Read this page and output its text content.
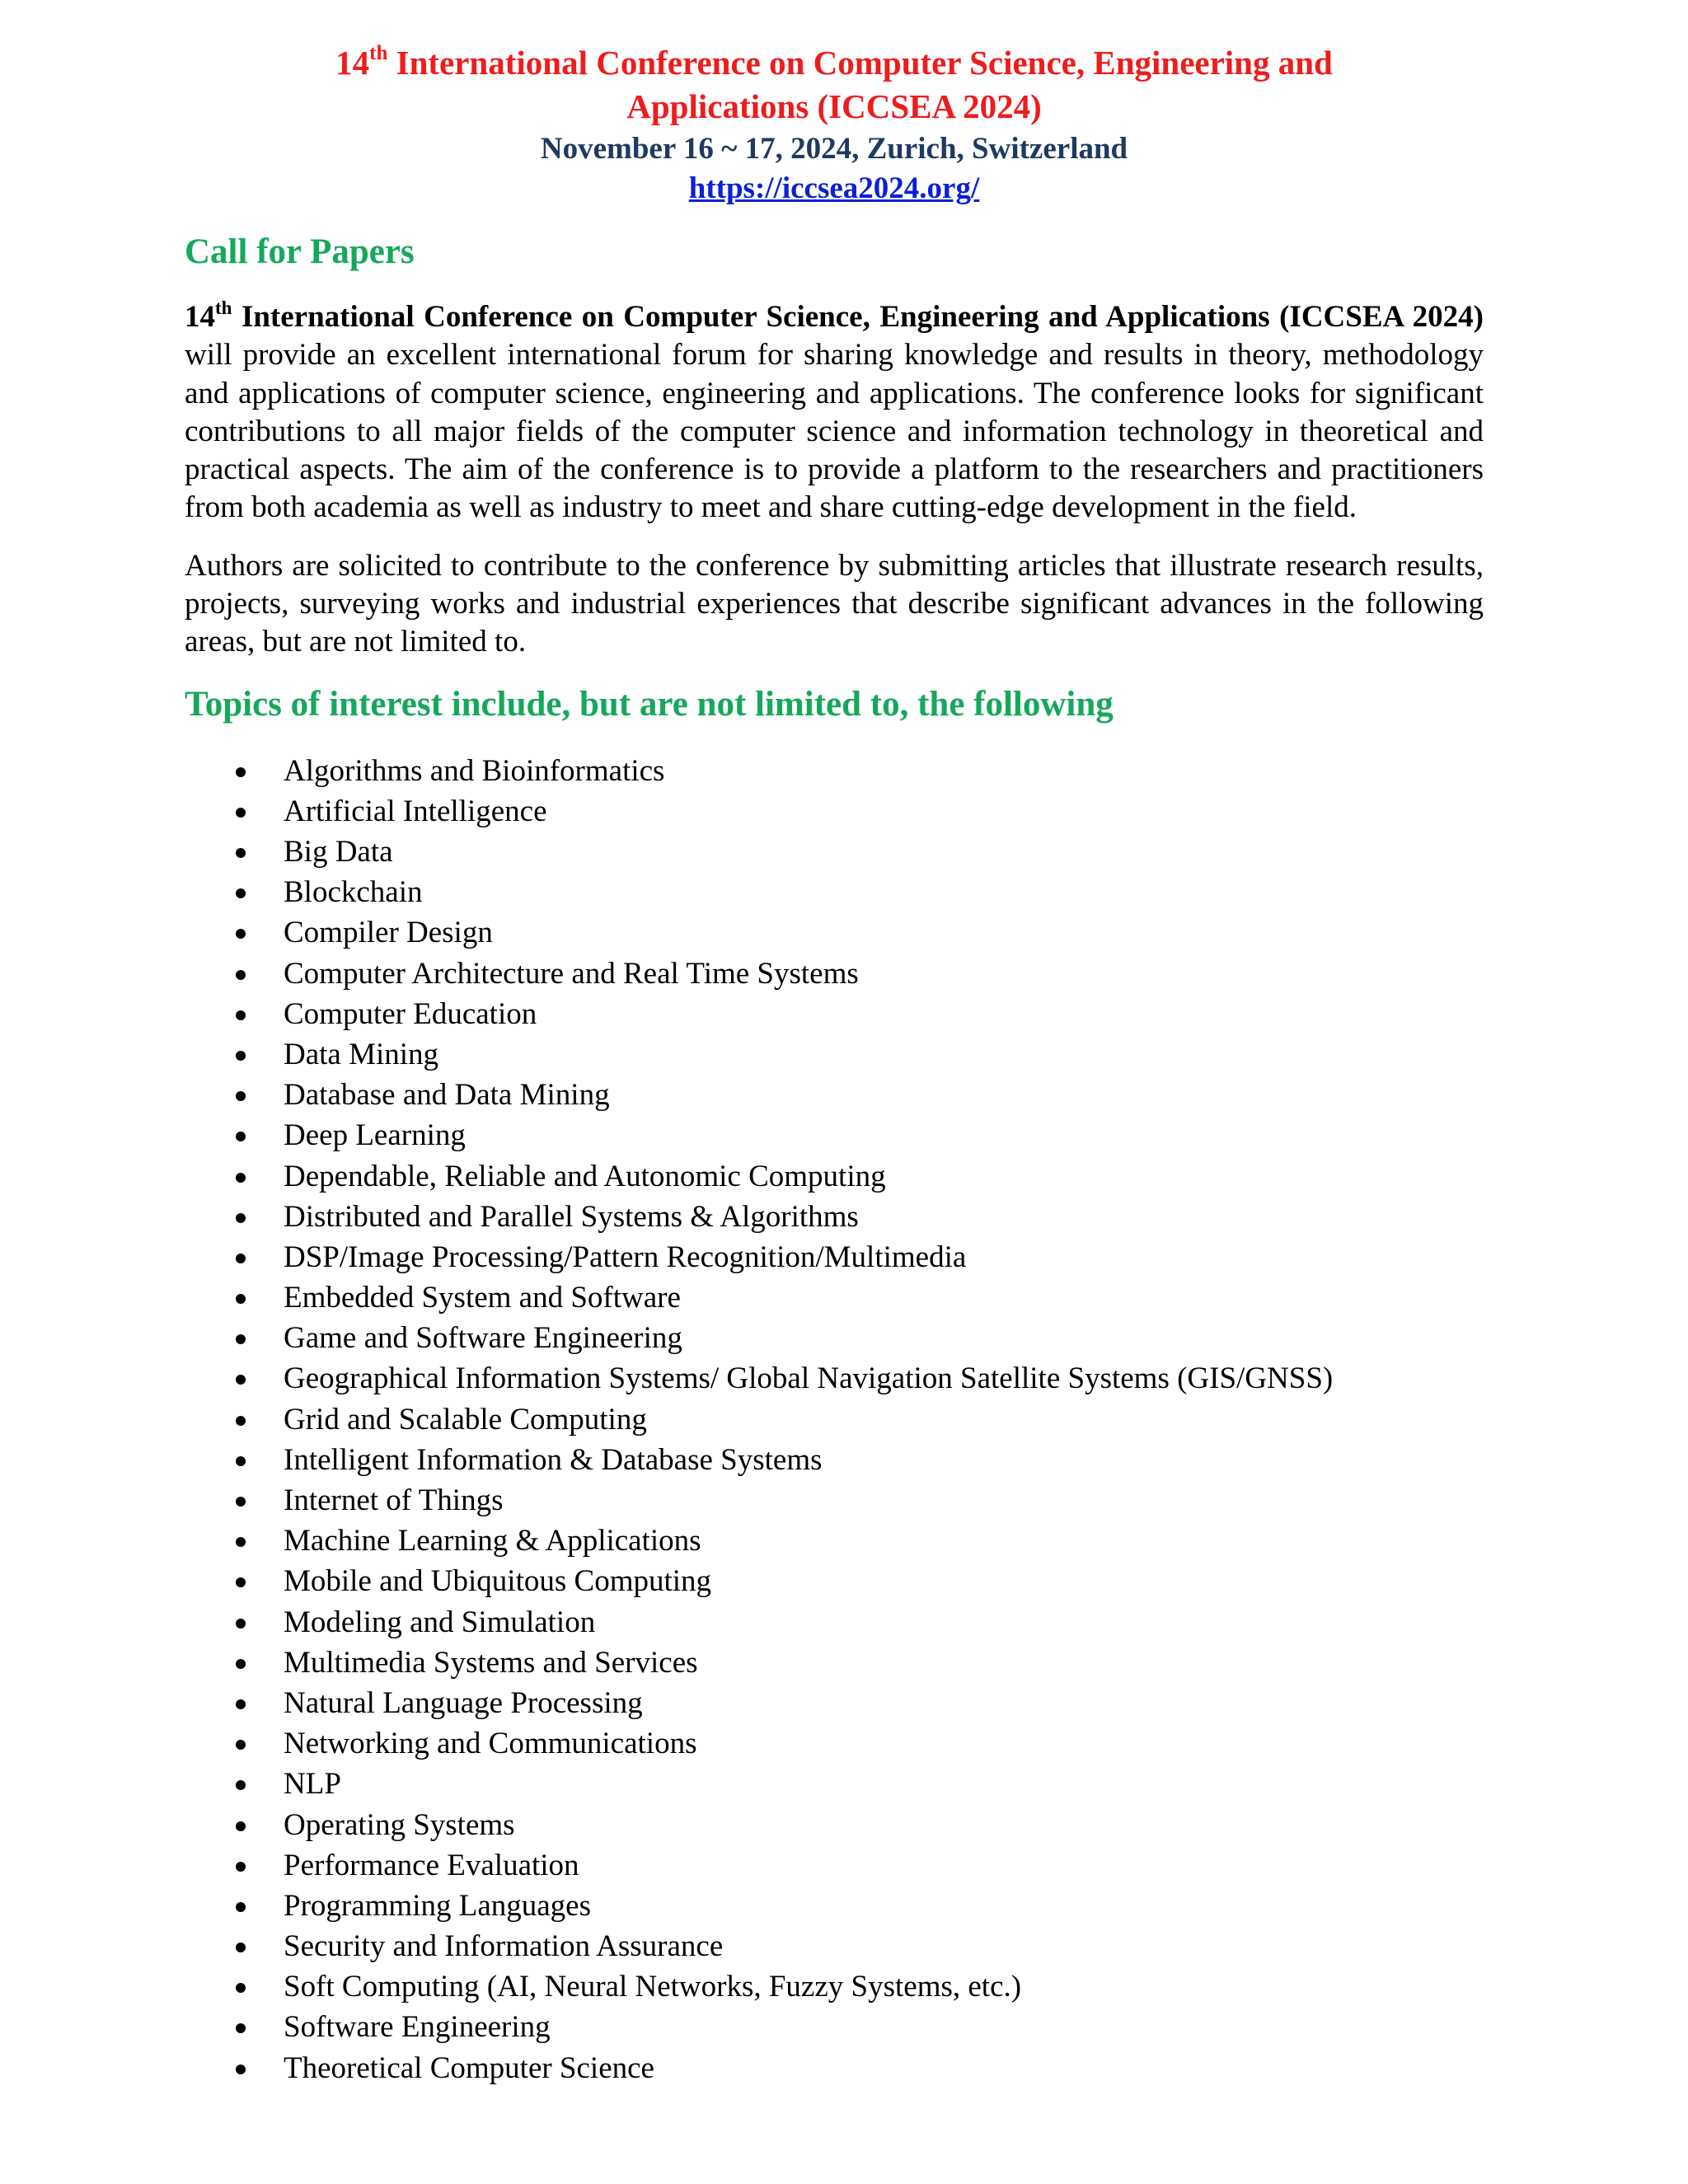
14th International Conference on Computer Science, Engineering and

Applications (ICCSEA 2024)

November 16 ~ 17, 2024, Zurich, Switzerland

https://iccsea2024.org/

Call for Papers

14th International Conference on Computer Science, Engineering and Applications (ICCSEA 2024) will provide an excellent international forum for sharing knowledge and results in theory, methodology and applications of computer science, engineering and applications. The conference looks for significant contributions to all major fields of the computer science and information technology in theoretical and practical aspects. The aim of the conference is to provide a platform to the researchers and practitioners from both academia as well as industry to meet and share cutting-edge development in the field.

Authors are solicited to contribute to the conference by submitting articles that illustrate research results, projects, surveying works and industrial experiences that describe significant advances in the following areas, but are not limited to.

Topics of interest include, but are not limited to, the following
Algorithms and Bioinformatics
Artificial Intelligence
Big Data
Blockchain
Compiler Design
Computer Architecture and Real Time Systems
Computer Education
Data Mining
Database and Data Mining
Deep Learning
Dependable, Reliable and Autonomic Computing
Distributed and Parallel Systems & Algorithms
DSP/Image Processing/Pattern Recognition/Multimedia
Embedded System and Software
Game and Software Engineering
Geographical Information Systems/ Global Navigation Satellite Systems (GIS/GNSS)
Grid and Scalable Computing
Intelligent Information & Database Systems
Internet of Things
Machine Learning & Applications
Mobile and Ubiquitous Computing
Modeling and Simulation
Multimedia Systems and Services
Natural Language Processing
Networking and Communications
NLP
Operating Systems
Performance Evaluation
Programming Languages
Security and Information Assurance
Soft Computing (AI, Neural Networks, Fuzzy Systems, etc.)
Software Engineering
Theoretical Computer Science
